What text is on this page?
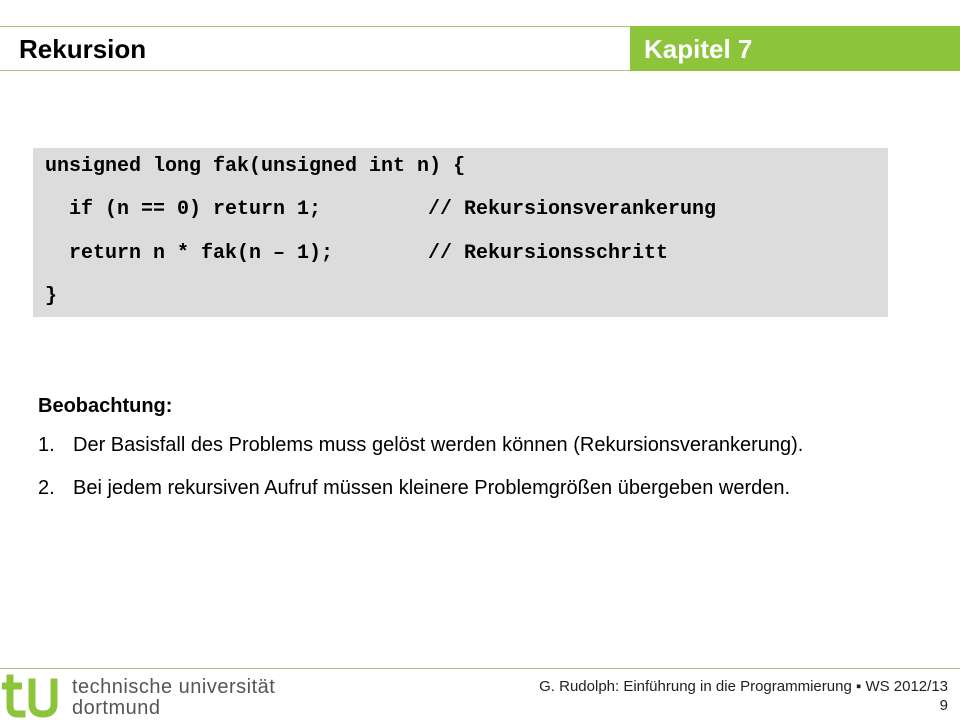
Rekursion	Kapitel 7
unsigned long fak(unsigned int n) {
if (n == 0) return 1;	// Rekursionsverankerung
return n * fak(n – 1);	// Rekursionsschritt
}
Beobachtung:
1. Der Basisfall des Problems muss gelöst werden können (Rekursionsverankerung).
2. Bei jedem rekursiven Aufruf müssen kleinere Problemgrößen übergeben werden.
technische universität
dortmund
G. Rudolph: Einführung in die Programmierung ▪ WS 2012/13
9
